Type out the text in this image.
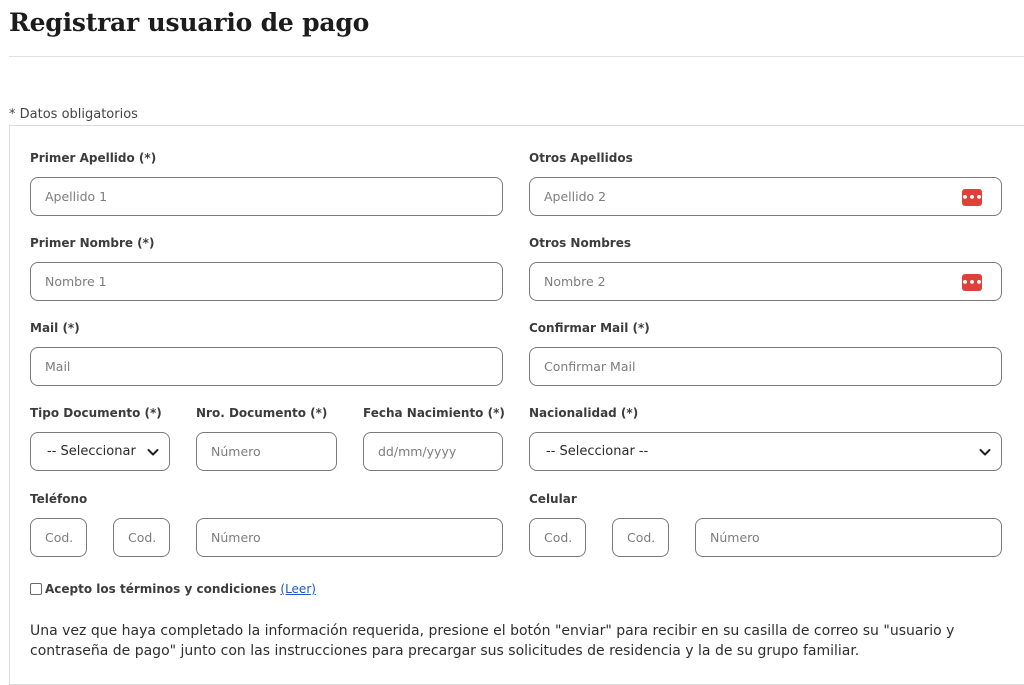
Registrar usuario de pago
* Datos obligatorios
Primer Apellido (*)
Apellido 1
Otros Apellidos
Apellido 2	•••
Primer Nombre (*)
Nombre 1
Otros Nombres
Nombre 2	•••
Mail (*)
Mail
Confirmar Mail (*)
Confirmar Mail
Tipo Documento (*)
-- Seleccionar
Nro. Documento (*)
Número
Fecha Nacimiento (*)
dd/mm/yyyy
Nacionalidad (*)
-- Seleccionar --
Teléfono
Cod.	Cod.	Número
Celular
Cod.	Cod.	Número
Acepto los términos y condiciones (Leer)
Una vez que haya completado la información requerida, presione el botón "enviar" para recibir en su casilla de correo su "usuario y contraseña de pago" junto con las instrucciones para precargar sus solicitudes de residencia y la de su grupo familiar.
